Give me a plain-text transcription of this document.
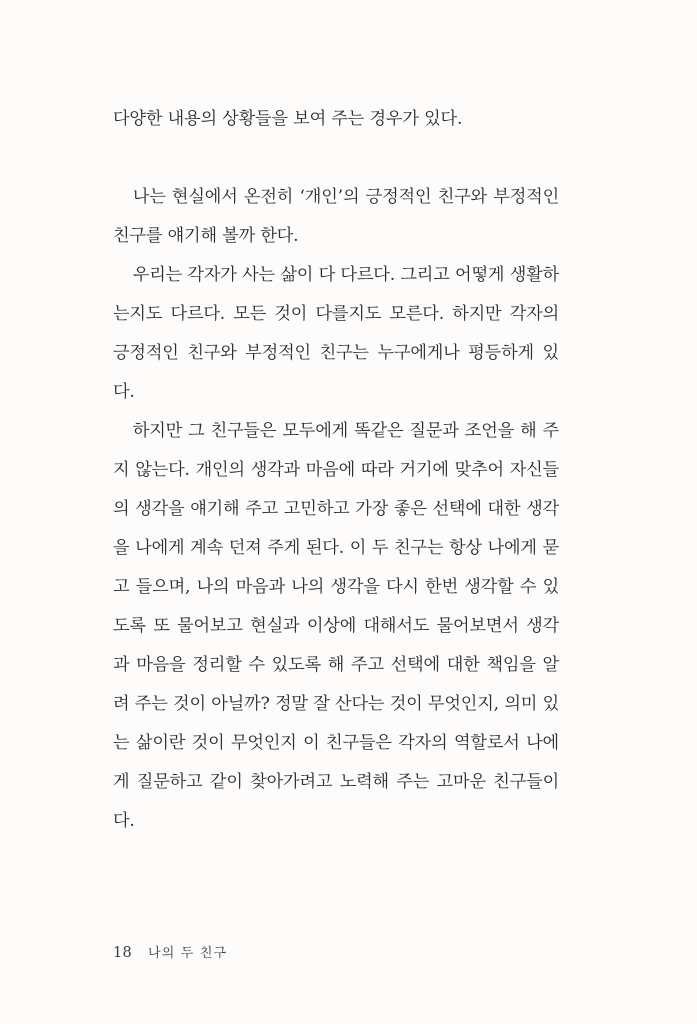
다양한 내용의 상황들을 보여 주는 경우가 있다.

나는 현실에서 온전히 ‘개인’의 긍정적인 친구와 부정적인 친구를 얘기해 볼까 한다.

우리는 각자가 사는 삶이 다 다르다. 그리고 어떻게 생활하는지도 다르다. 모든 것이 다를지도 모른다. 하지만 각자의 긍정적인 친구와 부정적인 친구는 누구에게나 평등하게 있다.

하지만 그 친구들은 모두에게 똑같은 질문과 조언을 해 주지 않는다. 개인의 생각과 마음에 따라 거기에 맞추어 자신들의 생각을 얘기해 주고 고민하고 가장 좋은 선택에 대한 생각을 나에게 계속 던져 주게 된다. 이 두 친구는 항상 나에게 묻고 들으며, 나의 마음과 나의 생각을 다시 한번 생각할 수 있도록 또 물어보고 현실과 이상에 대해서도 물어보면서 생각과 마음을 정리할 수 있도록 해 주고 선택에 대한 책임을 알려 주는 것이 아닐까? 정말 잘 산다는 것이 무엇인지, 의미 있는 삶이란 것이 무엇인지 이 친구들은 각자의 역할로서 나에게 질문하고 같이 찾아가려고 노력해 주는 고마운 친구들이다.

18 나의 두 친구
